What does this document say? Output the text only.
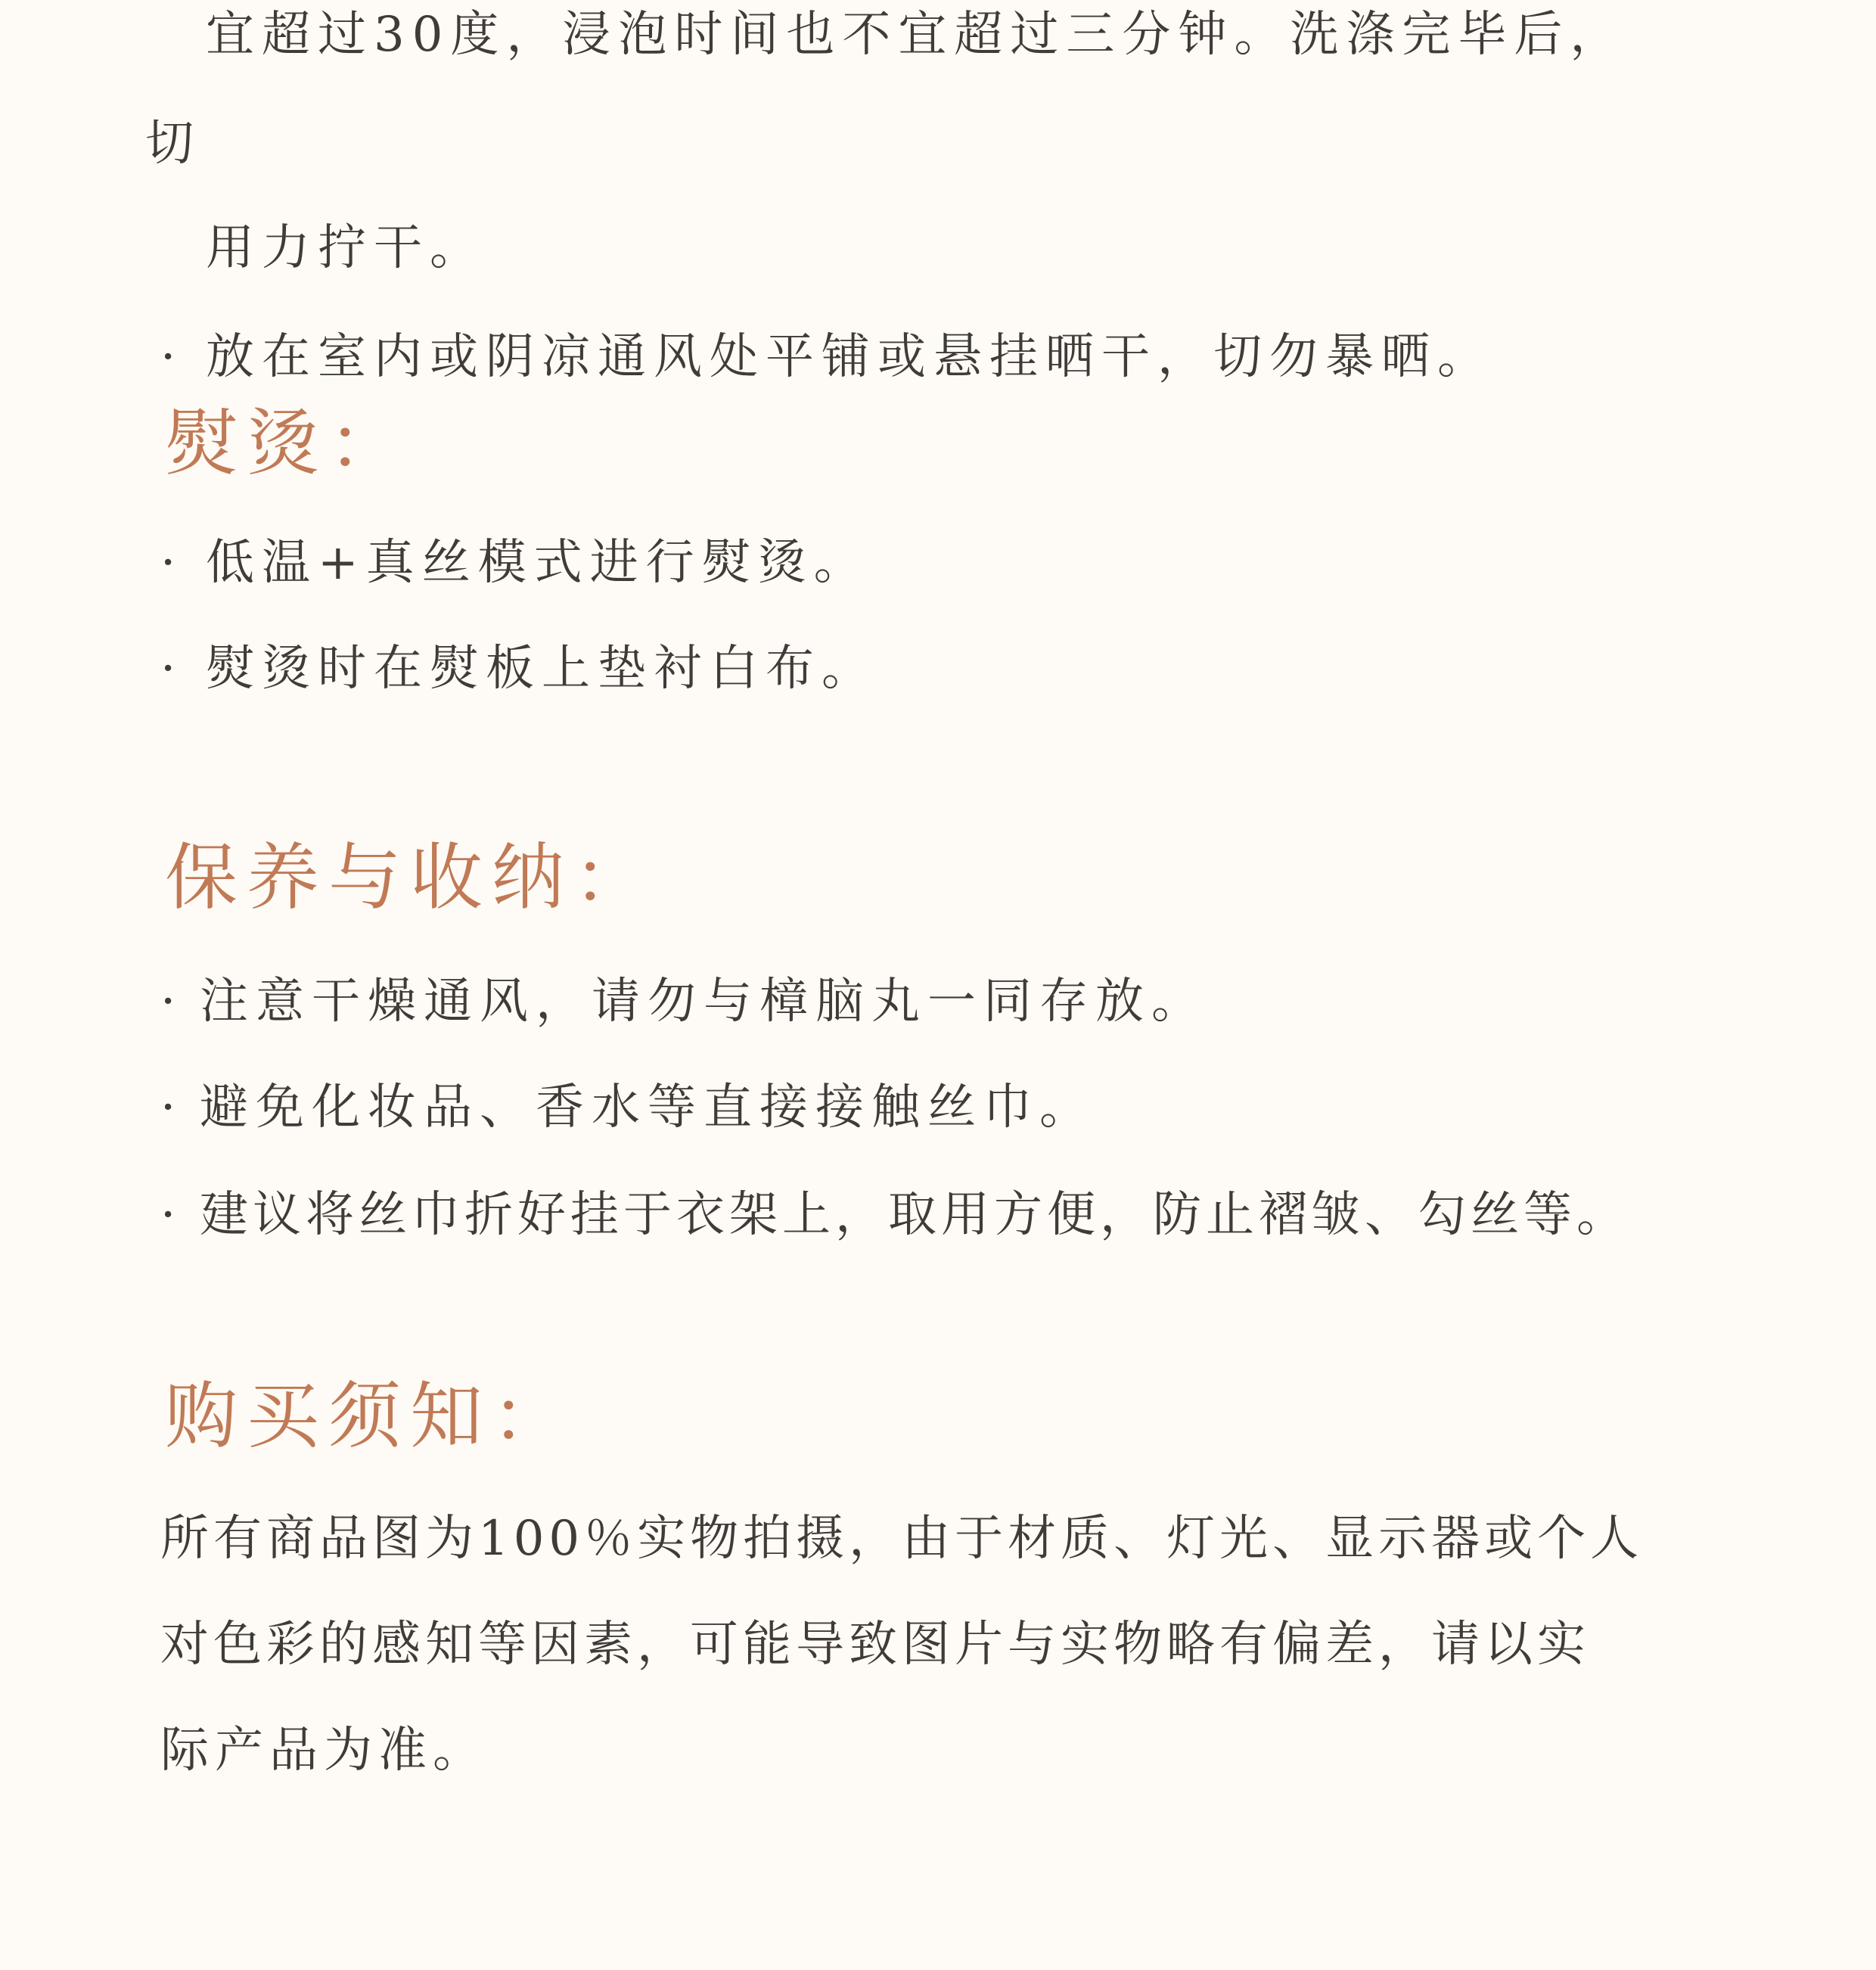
宜超过30度，浸泡时间也不宜超过三分钟。洗涤完毕后，
切
用力拧干。
· 放在室内或阴凉通风处平铺或悬挂晒干，切勿暴晒。
熨烫：
· 低温+真丝模式进行熨烫。
· 熨烫时在熨板上垫衬白布。
保养与收纳：
· 注意干燥通风，请勿与樟脑丸一同存放。
· 避免化妆品、香水等直接接触丝巾。
· 建议将丝巾折好挂于衣架上，取用方便，防止褶皱、勾丝等。
购买须知：
所有商品图为100％实物拍摄，由于材质、灯光、显示器或个人
对色彩的感知等因素，可能导致图片与实物略有偏差，请以实
际产品为准。
